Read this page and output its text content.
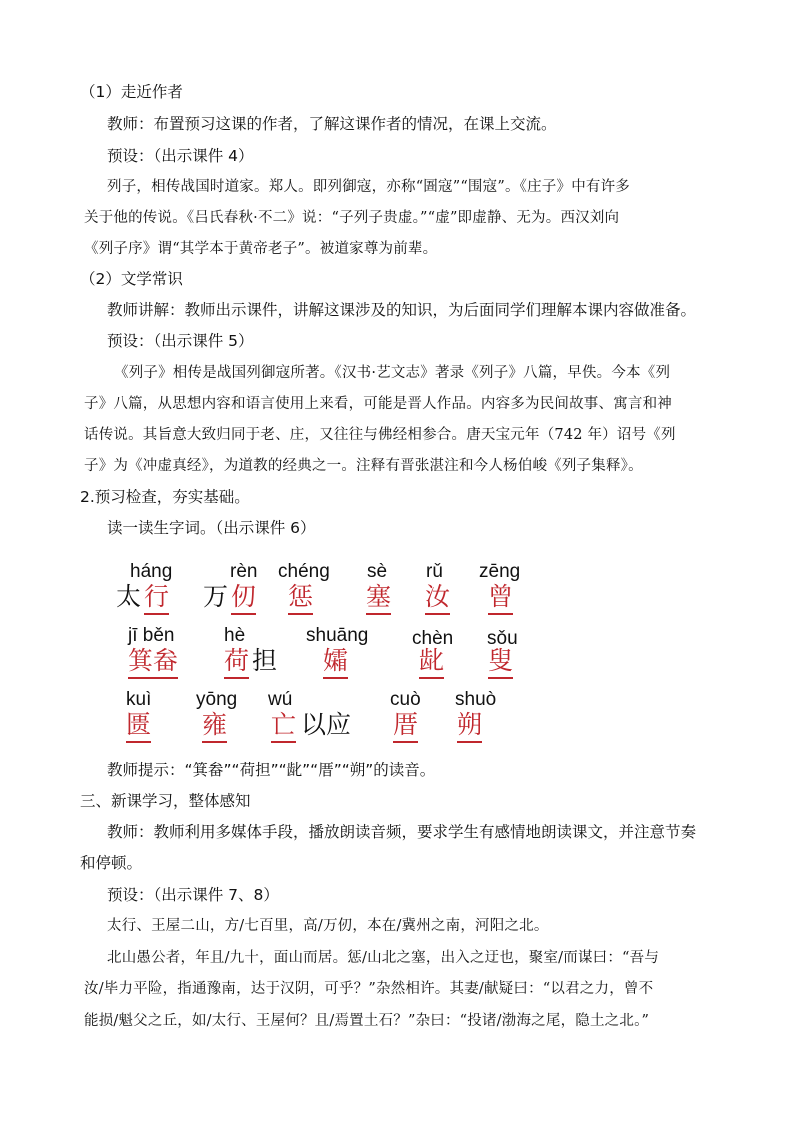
（1）走近作者
教师：布置预习这课的作者，了解这课作者的情况，在课上交流。
预设：（出示课件 4）
列子，相传战国时道家。郑人。即列御寇，亦称“圄寇”“围寇”。《庄子》中有许多
关于他的传说。《吕氏春秋·不二》说：“子列子贵虚。”“虚”即虚静、无为。西汉刘向
《列子序》谓“其学本于黄帝老子”。被道家尊为前辈。
（2）文学常识
教师讲解：教师出示课件，讲解这课涉及的知识，为后面同学们理解本课内容做准备。
预设：（出示课件 5）
《列子》相传是战国列御寇所著。《汉书·艺文志》著录《列子》八篇，早佚。今本《列
子》八篇，从思想内容和语言使用上来看，可能是晋人作品。内容多为民间故事、寓言和神
话传说。其旨意大致归同于老、庄，又往往与佛经相参合。唐天宝元年（742 年）诏号《列
子》为《冲虚真经》，为道教的经典之一。注释有晋张湛注和今人杨伯峻《列子集释》。
2.预习检查，夯实基础。
读一读生字词。（出示课件 6）
háng	rèn chéng sè rǔ zēng
太 行 万 仞 惩 塞 汝 曾
jī běn	hè	shuāng chèn sǒu
箕畚 荷 担 孀	龀 叟
kuì yōng wú	cuò shuò
匮 雍 亡 以应 厝 朔
教师提示：“箕畚”“荷担”“龀”“厝”“朔”的读音。
三、新课学习，整体感知
教师：教师利用多媒体手段，播放朗读音频，要求学生有感情地朗读课文，并注意节奏
和停顿。
预设：（出示课件 7、8）
太行、王屋二山，方/七百里，高/万仞，本在/冀州之南，河阳之北。
北山愚公者，年且/九十，面山而居。惩/山北之塞，出入之迂也，聚室/而谋曰：“吾与
汝/毕力平险，指通豫南，达于汉阴，可乎？”杂然相许。其妻/献疑曰：“以君之力，曾不
能损/魁父之丘，如/太行、王屋何？且/焉置土石？”杂曰：“投诸/渤海之尾，隐土之北。”
